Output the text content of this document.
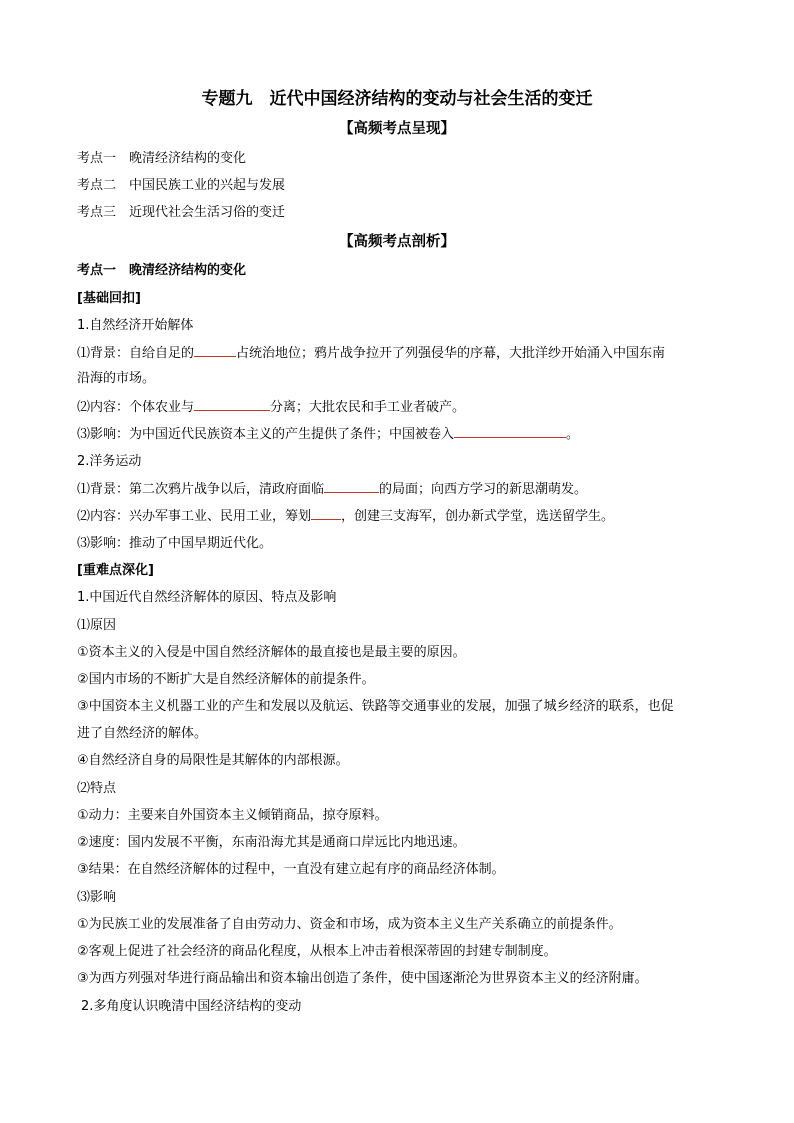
专题九　近代中国经济结构的变动与社会生活的变迁
【高频考点呈现】
考点一　晚清经济结构的变化
考点二　中国民族工业的兴起与发展
考点三　近现代社会生活习俗的变迁
【高频考点剖析】
考点一　晚清经济结构的变化
[基础回扣]
1.自然经济开始解体
⑴背景：自给自足的	占统治地位；鸦片战争拉开了列强侵华的序幕，大批洋纱开始涌入中国东南
沿海的市场。
⑵内容：个体农业与	分离；大批农民和手工业者破产。
⑶影响：为中国近代民族资本主义的产生提供了条件；中国被卷入	。
2.洋务运动
⑴背景：第二次鸦片战争以后，清政府面临	的局面；向西方学习的新思潮萌发。
⑵内容：兴办军事工业、民用工业，筹划 ，创建三支海军，创办新式学堂，选送留学生。
⑶影响：推动了中国早期近代化。
[重难点深化]
1.中国近代自然经济解体的原因、特点及影响
⑴原因
①资本主义的入侵是中国自然经济解体的最直接也是最主要的原因。
②国内市场的不断扩大是自然经济解体的前提条件。
③中国资本主义机器工业的产生和发展以及航运、铁路等交通事业的发展，加强了城乡经济的联系，也促
进了自然经济的解体。
④自然经济自身的局限性是其解体的内部根源。
⑵特点
①动力：主要来自外国资本主义倾销商品，掠夺原料。
②速度：国内发展不平衡，东南沿海尤其是通商口岸远比内地迅速。
③结果：在自然经济解体的过程中，一直没有建立起有序的商品经济体制。
⑶影响
①为民族工业的发展准备了自由劳动力、资金和市场，成为资本主义生产关系确立的前提条件。
②客观上促进了社会经济的商品化程度，从根本上冲击着根深蒂固的封建专制制度。
③为西方列强对华进行商品输出和资本输出创造了条件，使中国逐渐沦为世界资本主义的经济附庸。
2.多角度认识晚清中国经济结构的变动
